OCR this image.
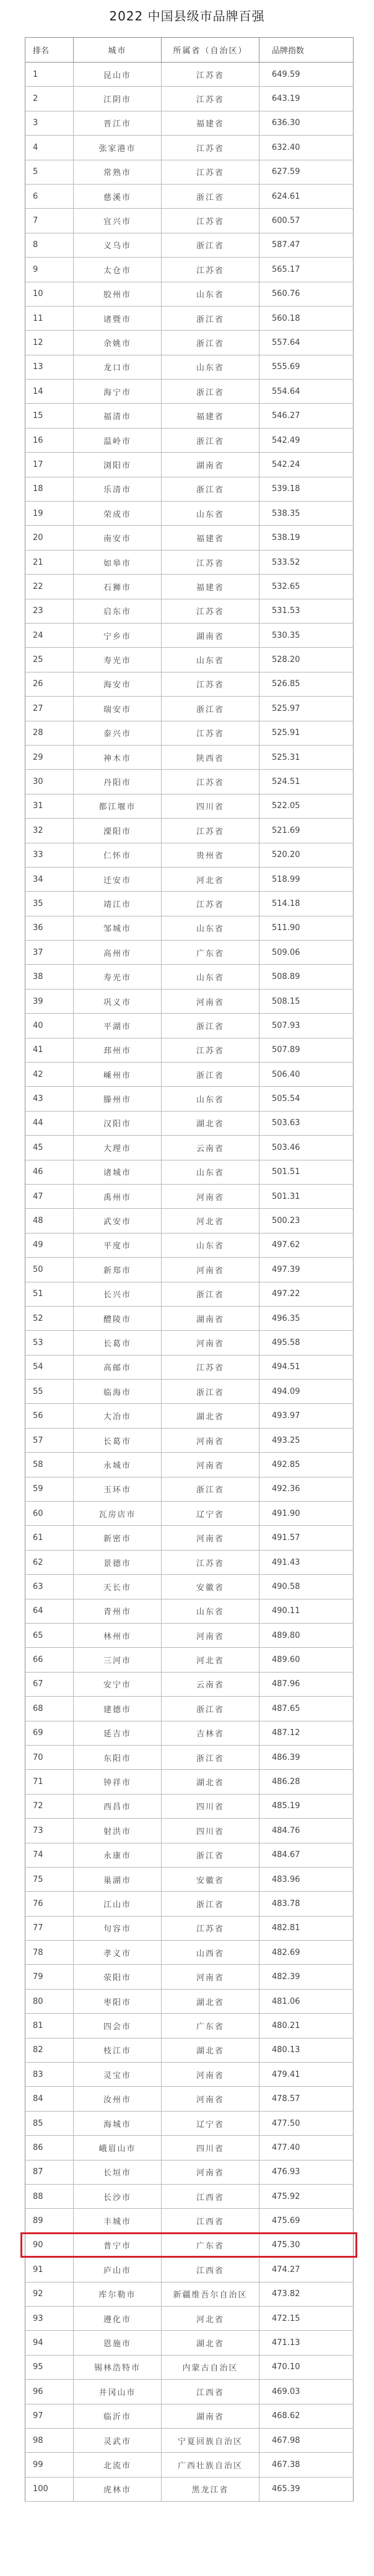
2022 中国县级市品牌百强
排名	城市	所属省（自治区）	品牌指数
1	昆山市	江苏省	649.59
2	江阴市	江苏省	643.19
3	晋江市	福建省	636.30
4	张家港市	江苏省	632.40
5	常熟市	江苏省	627.59
6	慈溪市	浙江省	624.61
7	宜兴市	江苏省	600.57
8	义乌市	浙江省	587.47
9	太仓市	江苏省	565.17
10	胶州市	山东省	560.76
11	诸暨市	浙江省	560.18
12	余姚市	浙江省	557.64
13	龙口市	山东省	555.69
14	海宁市	浙江省	554.64
15	福清市	福建省	546.27
16	温岭市	浙江省	542.49
17	浏阳市	湖南省	542.24
18	乐清市	浙江省	539.18
19	荣成市	山东省	538.35
20	南安市	福建省	538.19
21	如皋市	江苏省	533.52
22	石狮市	福建省	532.65
23	启东市	江苏省	531.53
24	宁乡市	湖南省	530.35
25	寿光市	山东省	528.20
26	海安市	江苏省	526.85
27	瑞安市	浙江省	525.97
28	泰兴市	江苏省	525.91
29	神木市	陕西省	525.31
30	丹阳市	江苏省	524.51
31	都江堰市	四川省	522.05
32	溧阳市	江苏省	521.69
33	仁怀市	贵州省	520.20
34	迁安市	河北省	518.99
35	靖江市	江苏省	514.18
36	邹城市	山东省	511.90
37	高州市	广东省	509.06
38	寿光市	山东省	508.89
39	巩义市	河南省	508.15
40	平湖市	浙江省	507.93
41	邳州市	江苏省	507.89
42	嵊州市	浙江省	506.40
43	滕州市	山东省	505.54
44	汉阳市	湖北省	503.63
45	大理市	云南省	503.46
46	诸城市	山东省	501.51
47	禹州市	河南省	501.31
48	武安市	河北省	500.23
49	平度市	山东省	497.62
50	新郑市	河南省	497.39
51	长兴市	浙江省	497.22
52	醴陵市	湖南省	496.35
53	长葛市	河南省	495.58
54	高邮市	江苏省	494.51
55	临海市	浙江省	494.09
56	大冶市	湖北省	493.97
57	长葛市	河南省	493.25
58	永城市	河南省	492.85
59	玉环市	浙江省	492.36
60	瓦房店市	辽宁省	491.90
61	新密市	河南省	491.57
62	景德市	江苏省	491.43
63	天长市	安徽省	490.58
64	青州市	山东省	490.11
65	林州市	河南省	489.80
66	三河市	河北省	489.60
67	安宁市	云南省	487.96
68	建德市	浙江省	487.65
69	延吉市	吉林省	487.12
70	东阳市	浙江省	486.39
71	钟祥市	湖北省	486.28
72	西昌市	四川省	485.19
73	射洪市	四川省	484.76
74	永康市	浙江省	484.67
75	巢湖市	安徽省	483.96
76	江山市	浙江省	483.78
77	句容市	江苏省	482.81
78	孝义市	山西省	482.69
79	荥阳市	河南省	482.39
80	枣阳市	湖北省	481.06
81	四会市	广东省	480.21
82	枝江市	湖北省	480.13
83	灵宝市	河南省	479.41
84	汝州市	河南省	478.57
85	海城市	辽宁省	477.50
86	峨眉山市	四川省	477.40
87	长垣市	河南省	476.93
88	长沙市	江西省	475.92
89	丰城市	江西省	475.69
90	普宁市	广东省	475.30
91	庐山市	江西省	474.27
92	库尔勒市	新疆维吾尔自治区	473.82
93	遵化市	河北省	472.15
94	恩施市	湖北省	471.13
95	锡林浩特市	内蒙古自治区	470.10
96	井冈山市	江西省	469.03
97	临沂市	湖南省	468.62
98	灵武市	宁夏回族自治区	467.98
99	北流市	广西壮族自治区	467.38
100	虎林市	黑龙江省	465.39
